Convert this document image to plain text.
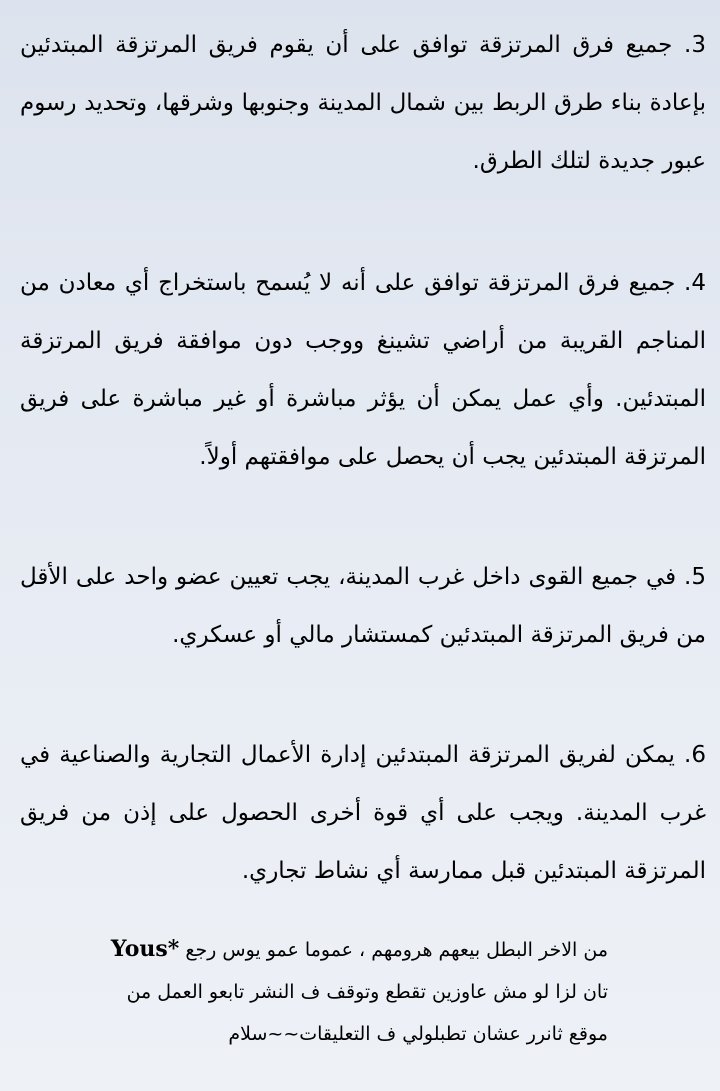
3. جميع فرق المرتزقة توافق على أن يقوم فريق المرتزقة المبتدئين بإعادة بناء طرق الربط بين شمال المدينة وجنوبها وشرقها، وتحديد رسوم عبور جديدة لتلك الطرق.

4. جميع فرق المرتزقة توافق على أنه لا يُسمح باستخراج أي معادن من المناجم القريبة من أراضي تشينغ ووجب دون موافقة فريق المرتزقة المبتدئين. وأي عمل يمكن أن يؤثر مباشرة أو غير مباشرة على فريق المرتزقة المبتدئين يجب أن يحصل على موافقتهم أولاً.

5. في جميع القوى داخل غرب المدينة، يجب تعيين عضو واحد على الأقل من فريق المرتزقة المبتدئين كمستشار مالي أو عسكري.

6. يمكن لفريق المرتزقة المبتدئين إدارة الأعمال التجارية والصناعية في غرب المدينة. ويجب على أي قوة أخرى الحصول على إذن من فريق المرتزقة المبتدئين قبل ممارسة أي نشاط تجاري.

من الاخر البطل بيعهم هرومهم ، عموما عمو يوس رجع Yous*
تان لزا لو مش عاوزين تقطع وتوقف ف النشر تابعو العمل من
موقع ثانرر عشان تطبلولي ف التعليقات~~سلام
